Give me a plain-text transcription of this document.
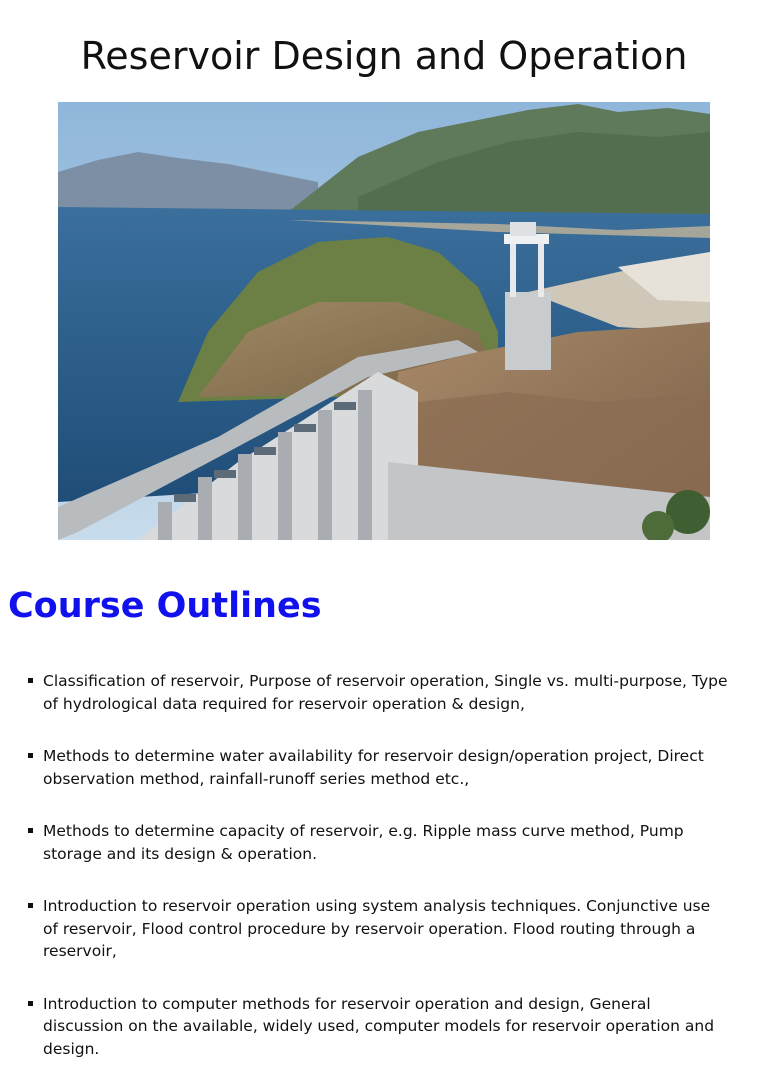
Reservoir Design and Operation
Course Outlines
Classification of reservoir, Purpose of reservoir operation, Single vs. multi-purpose, Type of hydrological data required for reservoir operation & design,
Methods to determine water availability for reservoir design/operation project, Direct observation method, rainfall-runoff series method etc.,
Methods to determine capacity of reservoir, e.g. Ripple mass curve method, Pump storage and its design & operation.
Introduction to reservoir operation using system analysis techniques. Conjunctive use of reservoir, Flood control procedure by reservoir operation. Flood routing through a reservoir,
Introduction to computer methods for reservoir operation and design, General discussion on the available, widely used, computer models for reservoir operation and design.
